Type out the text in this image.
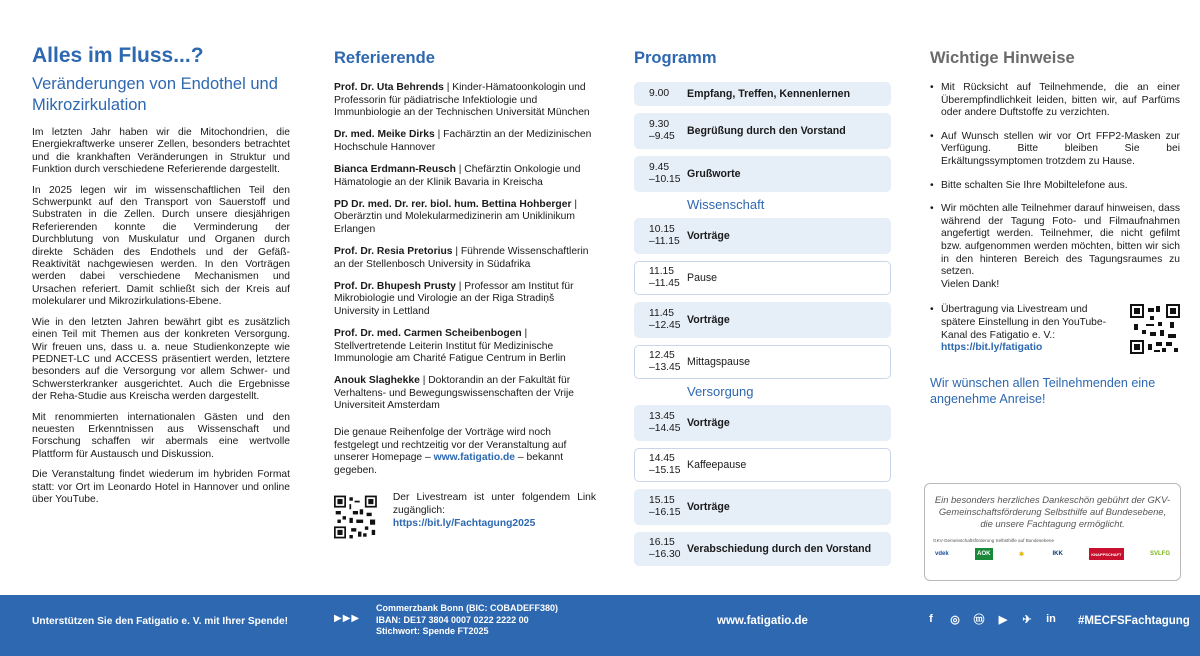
Alles im Fluss...?
Veränderungen von Endothel und Mikrozirkulation

Im letzten Jahr haben wir die Mitochondrien, die Energiekraftwerke unserer Zellen, besonders betrachtet und die krankhaften Veränderungen in Struktur und Funktion durch verschiedene Referierende dargestellt.

In 2025 legen wir im wissenschaftlichen Teil den Schwerpunkt auf den Transport von Sauerstoff und Substraten in die Zellen. Durch unsere diesjährigen Referierenden konnte die Verminderung der Durchblutung von Muskulatur und Organen durch direkte Schäden des Endothels und der Gefäß-Reaktivität nachgewiesen werden. In den Vorträgen werden dabei verschiedene Mechanismen und Ursachen referiert. Damit schließt sich der Kreis auf molekularer und Mikrozirkulations-Ebene.

Wie in den letzten Jahren bewährt gibt es zusätzlich einen Teil mit Themen aus der konkreten Versorgung. Wir freuen uns, dass u. a. neue Studienkonzepte wie PEDNET-LC und ACCESS präsentiert werden, letztere besonders auf die Versorgung vor allem Schwer- und Schwersterkranker ausgerichtet. Auch die Ergebnisse der Reha-Studie aus Kreischa werden dargestellt.

Mit renommierten internationalen Gästen und den neuesten Erkenntnissen aus Wissenschaft und Forschung schaffen wir abermals eine wertvolle Plattform für Austausch und Diskussion.

Die Veranstaltung findet wiederum im hybriden Format statt: vor Ort im Leonardo Hotel in Hannover und online über YouTube.

Referierende

Prof. Dr. Uta Behrends | Kinder-Hämatoonkologin und Professorin für pädiatrische Infektiologie und Immunbiologie an der Technischen Universität München

Dr. med. Meike Dirks | Fachärztin an der Medizinischen Hochschule Hannover

Bianca Erdmann-Reusch | Chefärztin Onkologie und Hämatologie an der Klinik Bavaria in Kreischa

PD Dr. med. Dr. rer. biol. hum. Bettina Hohberger | Oberärztin und Molekularmedizinerin am Uniklinikum Erlangen

Prof. Dr. Resia Pretorius | Führende Wissenschaftlerin an der Stellenbosch University in Südafrika

Prof. Dr. Bhupesh Prusty | Professor am Institut für Mikrobiologie und Virologie an der Riga Stradiņš University in Lettland

Prof. Dr. med. Carmen Scheibenbogen | Stellvertretende Leiterin Institut für Medizinische Immunologie am Charité Fatigue Centrum in Berlin

Anouk Slaghekke | Doktorandin an der Fakultät für Verhaltens- und Bewegungswissenschaften der Vrije Universiteit Amsterdam

Die genaue Reihenfolge der Vorträge wird noch festgelegt und rechtzeitig vor der Veranstaltung auf unserer Homepage – www.fatigatio.de – bekannt gegeben.

Der Livestream ist unter folgendem Link zugänglich:
https://bit.ly/Fachtagung2025
Programm
9.00	Empfang, Treffen, Kennenlernen
9.30
–9.45	Begrüßung durch den Vorstand
9.45
–10.15 Grußworte
Wissenschaft
10.15
–11.15 Vorträge
11.15
–11.45 Pause
11.45
–12.45 Vorträge
12.45
–13.45 Mittagspause
Versorgung
13.45
–14.45 Vorträge
14.45
–15.15 Kaffeepause
15.15
–16.15 Vorträge
16.15
–16.30 Verabschiedung durch den Vorstand
Wichtige Hinweise
• Mit Rücksicht auf Teilnehmende, die an einer Überempfindlichkeit leiden, bitten wir, auf Parfüms oder andere Duftstoffe zu verzichten.
• Auf Wunsch stellen wir vor Ort FFP2-Masken zur Verfügung. Bitte bleiben Sie bei Erkältungssymptomen trotzdem zu Hause.
• Bitte schalten Sie Ihre Mobiltelefone aus.
• Wir möchten alle Teilnehmer darauf hinweisen, dass während der Tagung Foto- und Filmaufnahmen angefertigt werden. Teilnehmer, die nicht gefilmt bzw. aufgenommen werden möchten, bitten wir sich in den hinteren Bereich des Tagungsraumes zu setzen.
Vielen Dank!
• Übertragung via Livestream und spätere Einstellung in den YouTube-Kanal des Fatigatio e. V.:
https://bit.ly/fatigatio
Wir wünschen allen Teilnehmenden eine angenehme Anreise!
Ein besonders herzliches Dankeschön gebührt der GKV-Gemeinschaftsförderung Selbsthilfe auf Bundesebene, die unsere Fachtagung ermöglicht.
GKV-Gemeinschaftsförderung Selbsthilfe auf Bundesebene
vdek	AOK	✱	IKK	KNAPPSCHAFT	SVLFG
Unterstützen Sie den Fatigatio e. V. mit Ihrer Spende!	▶▶▶
Commerzbank Bonn (BIC: COBADEFF380)
IBAN: DE17 3804 0007 0222 2222 00
Stichwort: Spende FT2025
www.fatigatio.de	f	◎ ⓜ ▶ ✈ in #MECFSFachtagung
